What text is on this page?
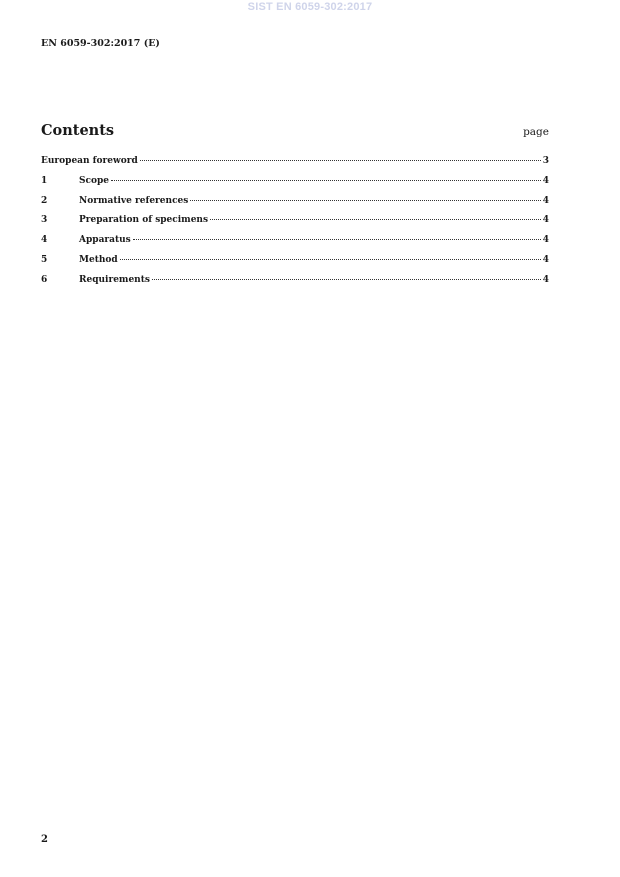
SIST EN 6059-302:2017
EN 6059-302:2017 (E)
Contents	page
European foreword	3
1	Scope	4
2	Normative references	4
3	Preparation of specimens	4
4	Apparatus	4
5	Method	4
6	Requirements	4
2
